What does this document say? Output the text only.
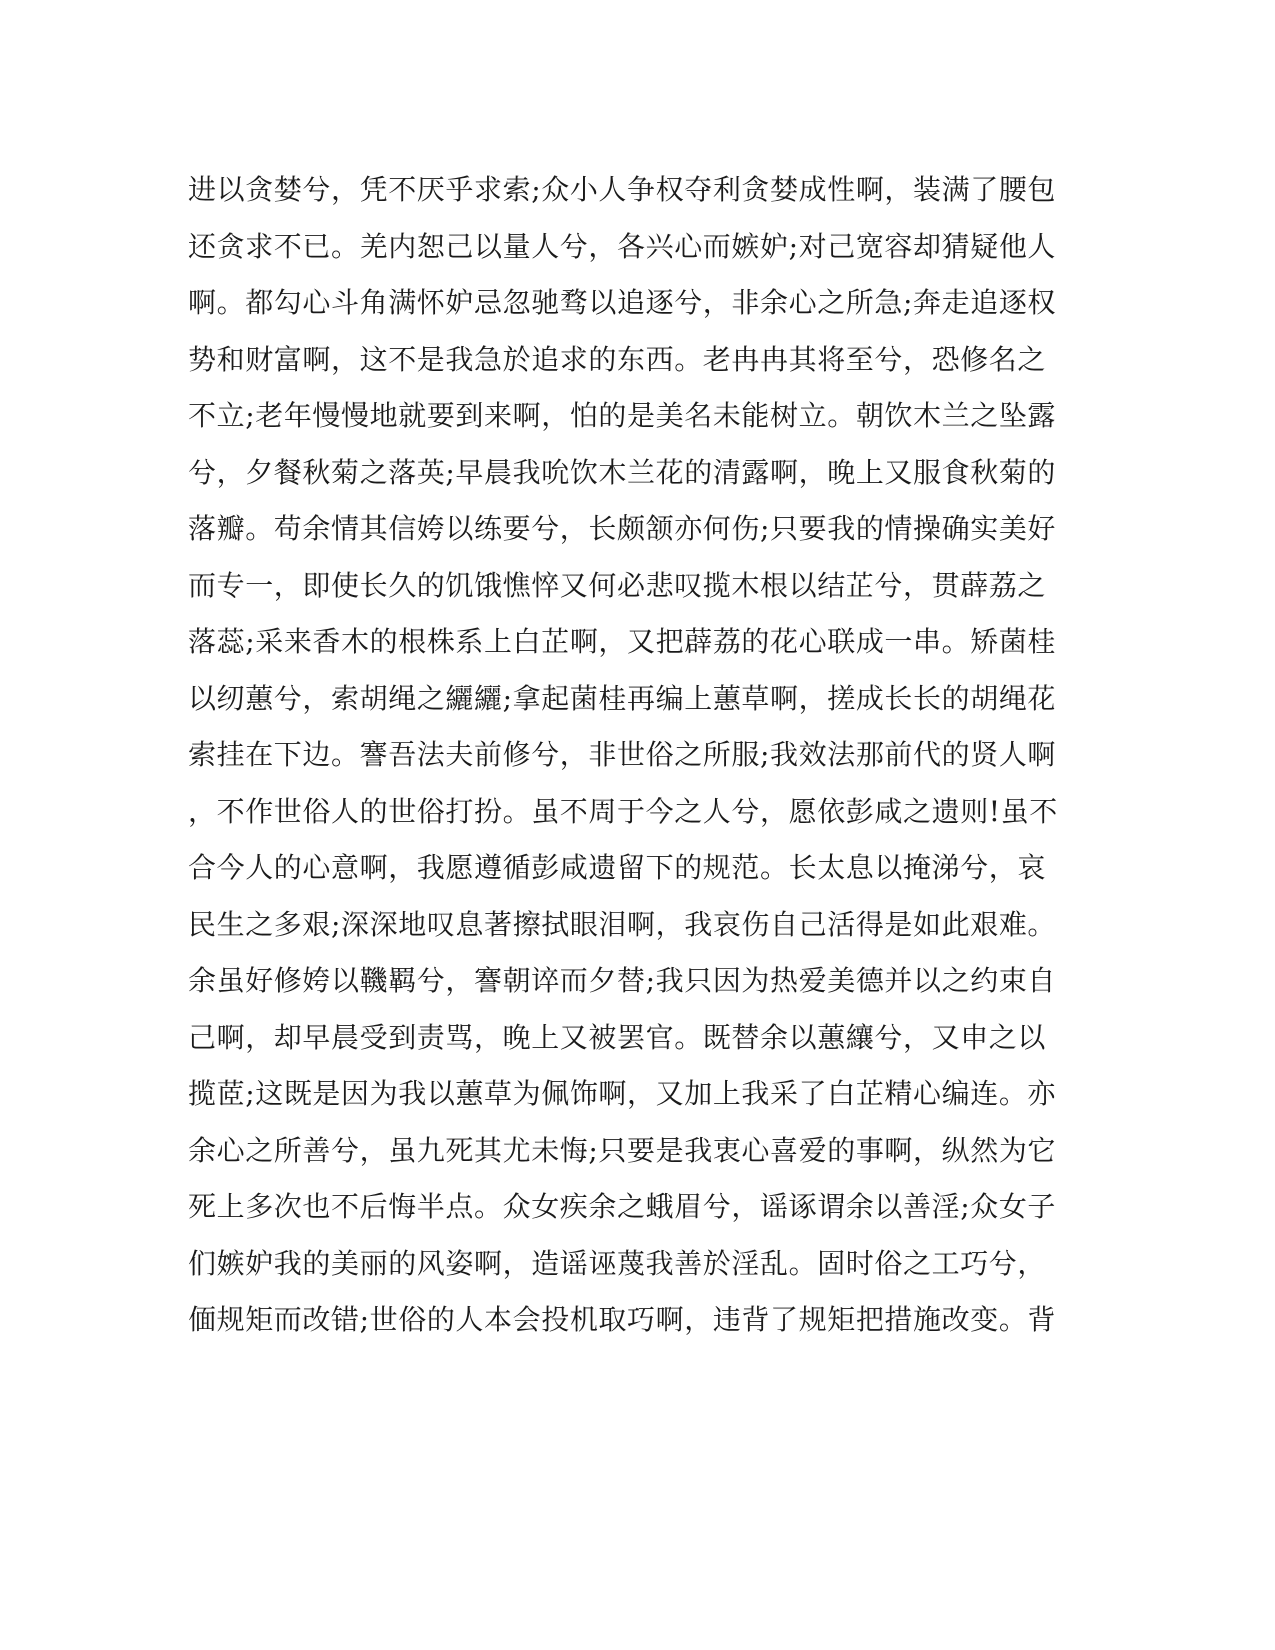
进以贪婪兮，凭不厌乎求索;众小人争权夺利贪婪成性啊，装满了腰包
还贪求不已。羌内恕己以量人兮，各兴心而嫉妒;对己宽容却猜疑他人
啊。都勾心斗角满怀妒忌忽驰骛以追逐兮，非余心之所急;奔走追逐权
势和财富啊，这不是我急於追求的东西。老冉冉其将至兮，恐修名之
不立;老年慢慢地就要到来啊，怕的是美名未能树立。朝饮木兰之坠露
兮，夕餐秋菊之落英;早晨我吮饮木兰花的清露啊，晚上又服食秋菊的
落瓣。苟余情其信姱以练要兮，长颇颔亦何伤;只要我的情操确实美好
而专一，即使长久的饥饿憔悴又何必悲叹揽木根以结芷兮，贯薜荔之
落蕊;采来香木的根株系上白芷啊，又把薜荔的花心联成一串。矫菌桂
以纫蕙兮，索胡绳之纚纚;拿起菌桂再编上蕙草啊，搓成长长的胡绳花
索挂在下边。謇吾法夫前修兮，非世俗之所服;我效法那前代的贤人啊
，不作世俗人的世俗打扮。虽不周于今之人兮，愿依彭咸之遗则!虽不
合今人的心意啊，我愿遵循彭咸遗留下的规范。长太息以掩涕兮，哀
民生之多艰;深深地叹息著擦拭眼泪啊，我哀伤自己活得是如此艰难。
余虽好修姱以鞿羁兮，謇朝谇而夕替;我只因为热爱美德并以之约束自
己啊，却早晨受到责骂，晚上又被罢官。既替余以蕙纕兮，又申之以
揽茝;这既是因为我以蕙草为佩饰啊，又加上我采了白芷精心编连。亦
余心之所善兮，虽九死其尤未悔;只要是我衷心喜爱的事啊，纵然为它
死上多次也不后悔半点。众女疾余之蛾眉兮，谣诼谓余以善淫;众女子
们嫉妒我的美丽的风姿啊，造谣诬蔑我善於淫乱。固时俗之工巧兮，
偭规矩而改错;世俗的人本会投机取巧啊，违背了规矩把措施改变。背
